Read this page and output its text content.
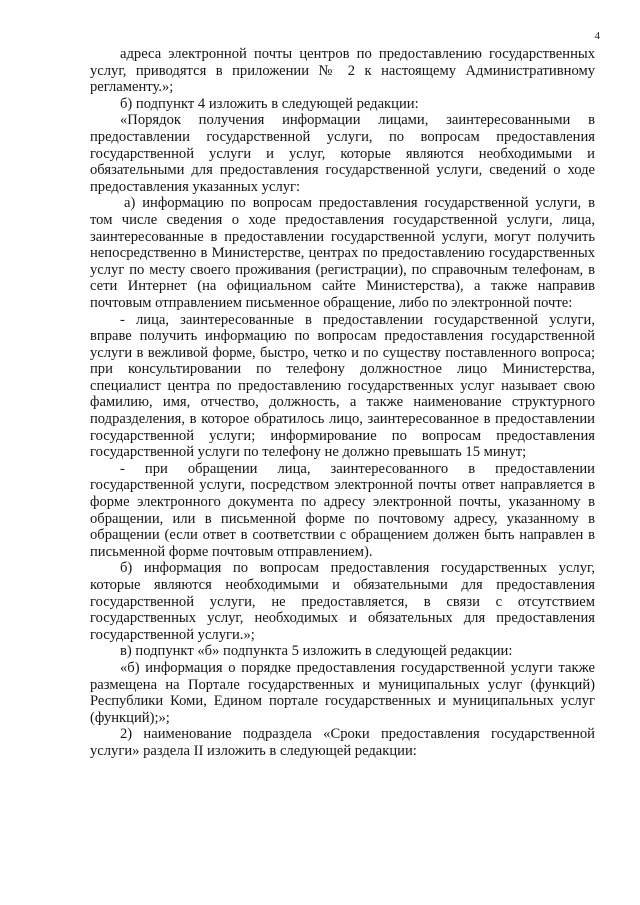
4

адреса электронной почты центров по предоставлению государственных услуг, приводятся в приложении № 2 к настоящему Административному регламенту.»;

б) подпункт 4 изложить в следующей редакции:

«Порядок получения информации лицами, заинтересованными в предоставлении государственной услуги, по вопросам предоставления государственной услуги и услуг, которые являются необходимыми и обязательными для предоставления государственной услуги, сведений о ходе предоставления указанных услуг:

а) информацию по вопросам предоставления государственной услуги, в том числе сведения о ходе предоставления государственной услуги, лица, заинтересованные в предоставлении государственной услуги, могут получить непосредственно в Министерстве, центрах по предоставлению государственных услуг по месту своего проживания (регистрации), по справочным телефонам, в сети Интернет (на официальном сайте Министерства), а также направив почтовым отправлением письменное обращение, либо по электронной почте:

- лица, заинтересованные в предоставлении государственной услуги, вправе получить информацию по вопросам предоставления государственной услуги в вежливой форме, быстро, четко и по существу поставленного вопроса; при консультировании по телефону должностное лицо Министерства, специалист центра по предоставлению государственных услуг называет свою фамилию, имя, отчество, должность, а также наименование структурного подразделения, в которое обратилось лицо, заинтересованное в предоставлении государственной услуги; информирование по вопросам предоставления государственной услуги по телефону не должно превышать 15 минут;

- при обращении лица, заинтересованного в предоставлении государственной услуги, посредством электронной почты ответ направляется в форме электронного документа по адресу электронной почты, указанному в обращении, или в письменной форме по почтовому адресу, указанному в обращении (если ответ в соответствии с обращением должен быть направлен в письменной форме почтовым отправлением).

б) информация по вопросам предоставления государственных услуг, которые являются необходимыми и обязательными для предоставления государственной услуги, не предоставляется, в связи с отсутствием государственных услуг, необходимых и обязательных для предоставления государственной услуги.»;

в) подпункт «б» подпункта 5 изложить в следующей редакции:

«б) информация о порядке предоставления государственной услуги также размещена на Портале государственных и муниципальных услуг (функций) Республики Коми, Едином портале государственных и муниципальных услуг (функций);»;

2) наименование подраздела «Сроки предоставления государственной услуги» раздела II изложить в следующей редакции:
